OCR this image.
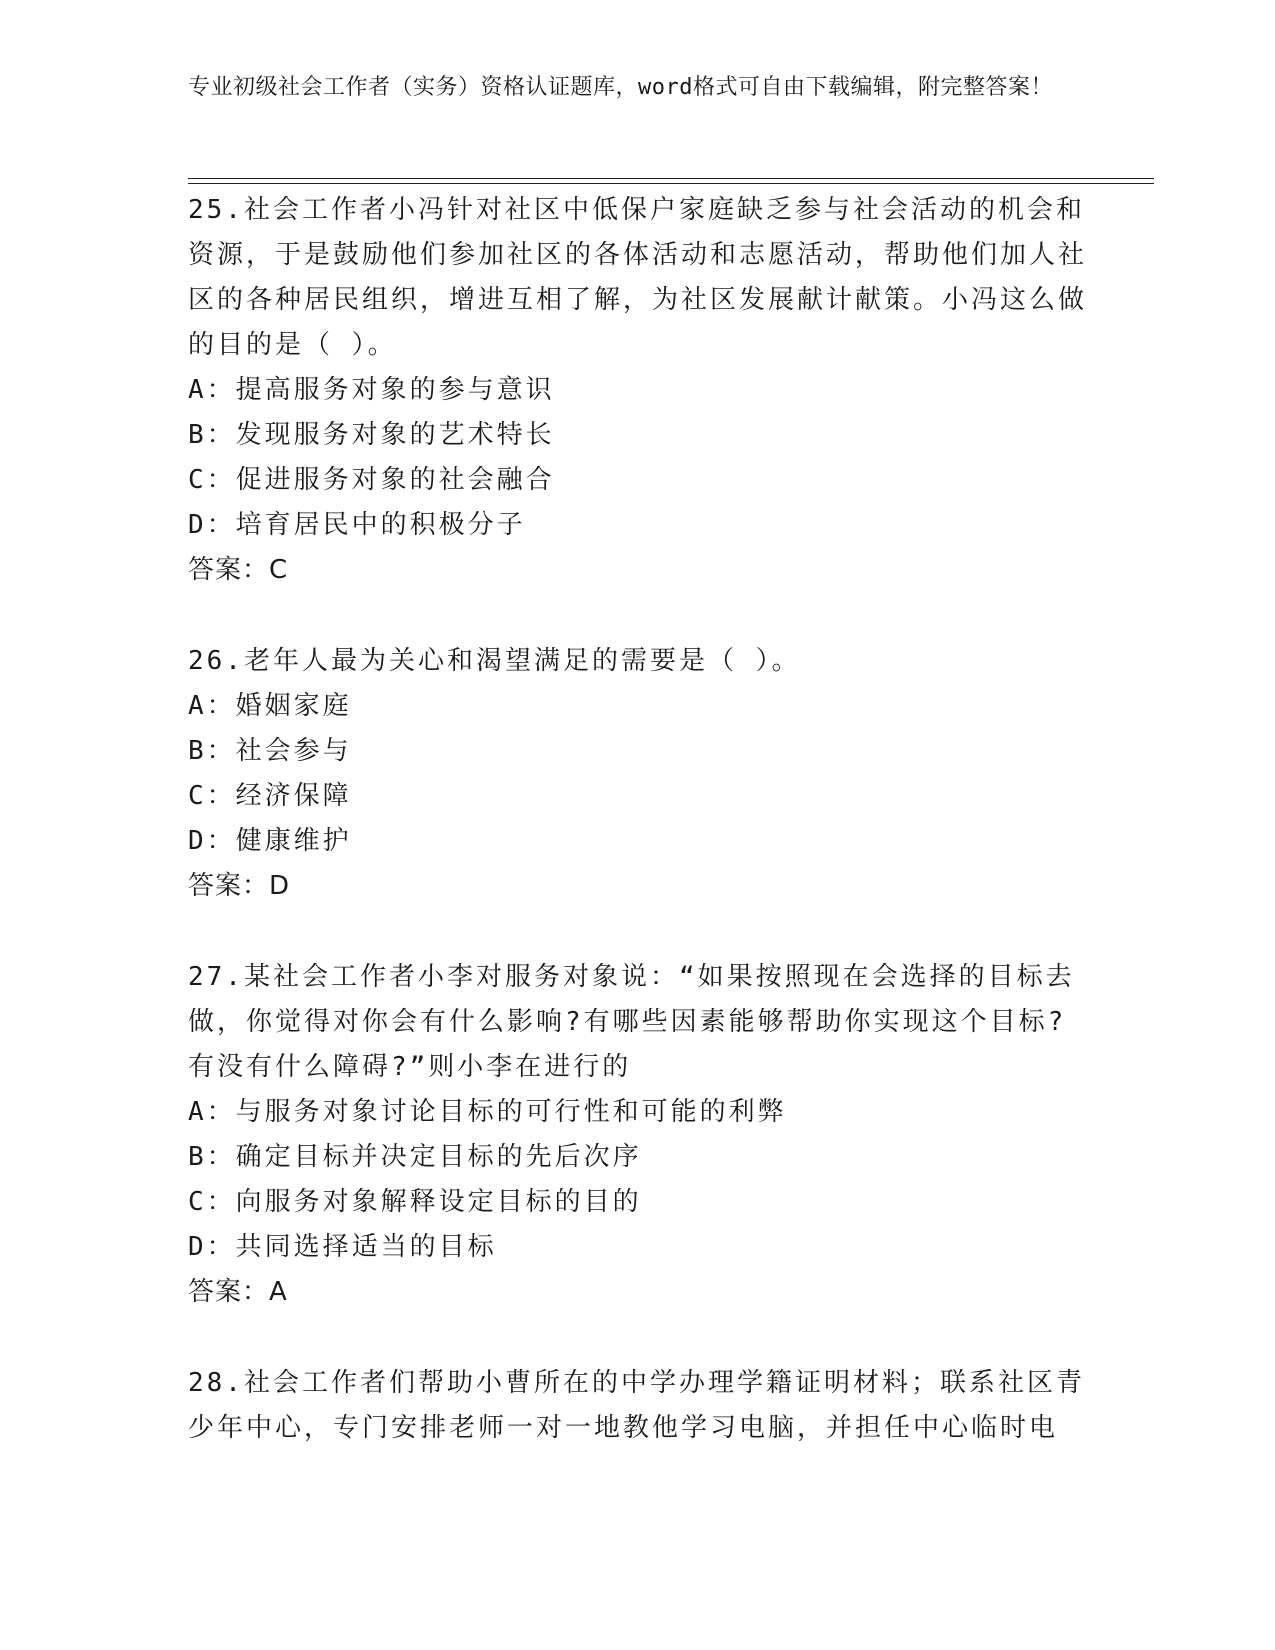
专业初级社会工作者（实务）资格认证题库，word格式可自由下载编辑，附完整答案！

25.社会工作者小冯针对社区中低保户家庭缺乏参与社会活动的机会和资源，于是鼓励他们参加社区的各体活动和志愿活动，帮助他们加人社区的各种居民组织，增进互相了解，为社区发展献计献策。小冯这么做的目的是（ ）。

A：提高服务对象的参与意识
B：发现服务对象的艺术特长
C：促进服务对象的社会融合
D：培育居民中的积极分子

答案：C

26.老年人最为关心和渴望满足的需要是（ ）。

A：婚姻家庭
B：社会参与
C：经济保障
D：健康维护

答案：D

27.某社会工作者小李对服务对象说：“如果按照现在会选择的目标去做，你觉得对你会有什么影响?有哪些因素能够帮助你实现这个目标?有没有什么障碍?”则小李在进行的

A：与服务对象讨论目标的可行性和可能的利弊
B：确定目标并决定目标的先后次序
C：向服务对象解释设定目标的目的
D：共同选择适当的目标

答案：A

28.社会工作者们帮助小曹所在的中学办理学籍证明材料；联系社区青少年中心，专门安排老师一对一地教他学习电脑，并担任中心临时电
